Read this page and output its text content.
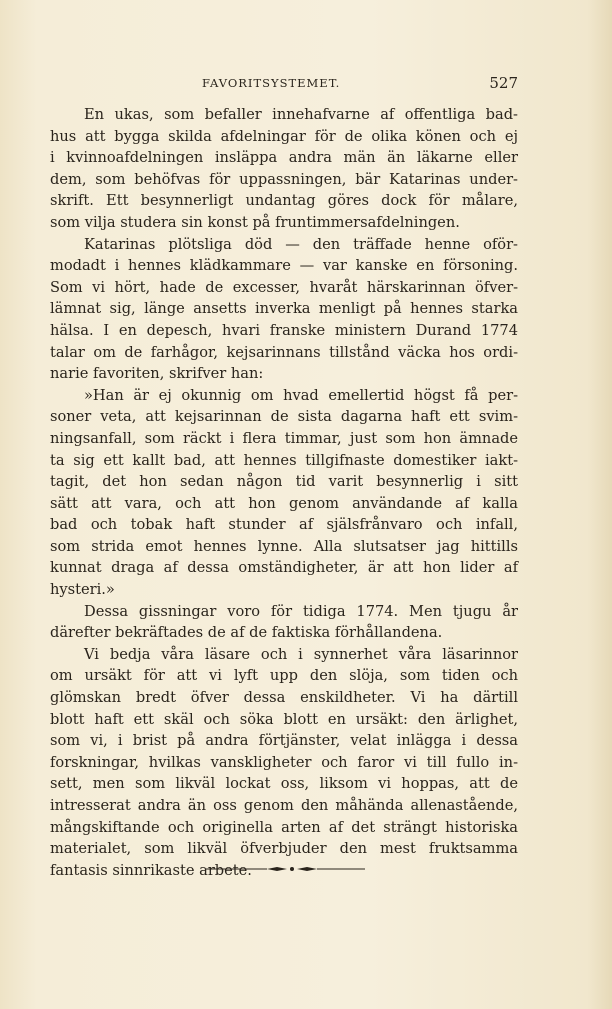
FAVORITSYSTEMET.	527
En ukas, som befaller innehafvarne af offentliga bad-
hus att bygga skilda afdelningar för de olika könen och ej
i kvinnoafdelningen insläppa andra män än läkarne eller
dem, som behöfvas för uppassningen, bär Katarinas under-
skrift. Ett besynnerligt undantag göres dock för målare,
som vilja studera sin konst på fruntimmersafdelningen.
Katarinas plötsliga död — den träffade henne oför-
modadt i hennes klädkammare — var kanske en försoning.
Som vi hört, hade de excesser, hvaråt härskarinnan öfver-
lämnat sig, länge ansetts inverka menligt på hennes starka
hälsa. I en depesch, hvari franske ministern Durand 1774
talar om de farhågor, kejsarinnans tillstånd väcka hos ordi-
narie favoriten, skrifver han:
»Han är ej okunnig om hvad emellertid högst få per-
soner veta, att kejsarinnan de sista dagarna haft ett svim-
ningsanfall, som räckt i flera timmar, just som hon ämnade
ta sig ett kallt bad, att hennes tillgifnaste domestiker iakt-
tagit, det hon sedan någon tid varit besynnerlig i sitt
sätt att vara, och att hon genom användande af kalla
bad och tobak haft stunder af själsfrånvaro och infall,
som strida emot hennes lynne. Alla slutsatser jag hittills
kunnat draga af dessa omständigheter, är att hon lider af
hysteri.»
Dessa gissningar voro för tidiga 1774. Men tjugu år
därefter bekräftades de af de faktiska förhållandena.
Vi bedja våra läsare och i synnerhet våra läsarinnor
om ursäkt för att vi lyft upp den slöja, som tiden och
glömskan bredt öfver dessa enskildheter. Vi ha därtill
blott haft ett skäl och söka blott en ursäkt: den ärlighet,
som vi, i brist på andra förtjänster, velat inlägga i dessa
forskningar, hvilkas vanskligheter och faror vi till fullo in-
sett, men som likväl lockat oss, liksom vi hoppas, att de
intresserat andra än oss genom den måhända allenastående,
mångskiftande och originella arten af det strängt historiska
materialet, som likväl öfverbjuder den mest fruktsamma
fantasis sinnrikaste arbete.
